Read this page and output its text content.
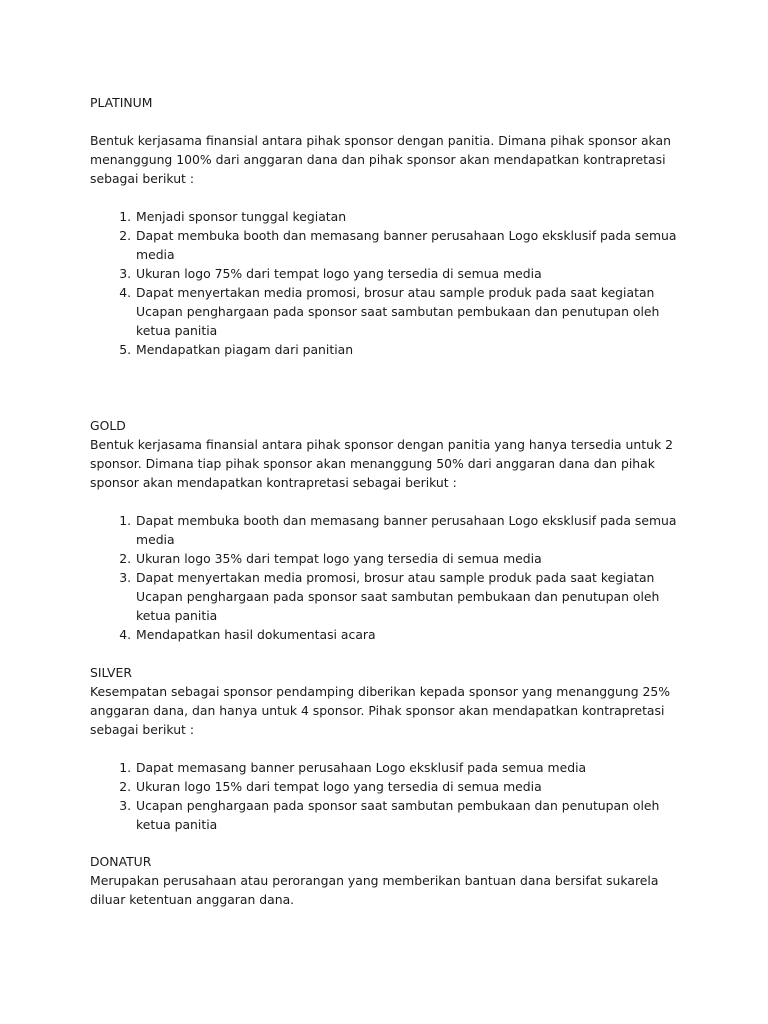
PLATINUM

Bentuk kerjasama finansial antara pihak sponsor dengan panitia. Dimana pihak sponsor akan menanggung 100% dari anggaran dana dan pihak sponsor akan mendapatkan kontrapretasi sebagai berikut :

1. Menjadi sponsor tunggal kegiatan
2. Dapat membuka booth dan memasang banner perusahaan Logo eksklusif pada semua media
3. Ukuran logo 75% dari tempat logo yang tersedia di semua media
4. Dapat menyertakan media promosi, brosur atau sample produk pada saat kegiatan Ucapan penghargaan pada sponsor saat sambutan pembukaan dan penutupan oleh ketua panitia
5. Mendapatkan piagam dari panitian

GOLD

Bentuk kerjasama finansial antara pihak sponsor dengan panitia yang hanya tersedia untuk 2 sponsor. Dimana tiap pihak sponsor akan menanggung 50% dari anggaran dana dan pihak sponsor akan mendapatkan kontrapretasi sebagai berikut :

1. Dapat membuka booth dan memasang banner perusahaan Logo eksklusif pada semua media
2. Ukuran logo 35% dari tempat logo yang tersedia di semua media
3. Dapat menyertakan media promosi, brosur atau sample produk pada saat kegiatan Ucapan penghargaan pada sponsor saat sambutan pembukaan dan penutupan oleh ketua panitia
4. Mendapatkan hasil dokumentasi acara

SILVER

Kesempatan sebagai sponsor pendamping diberikan kepada sponsor yang menanggung 25% anggaran dana, dan hanya untuk 4 sponsor. Pihak sponsor akan mendapatkan kontrapretasi sebagai berikut :

1. Dapat memasang banner perusahaan Logo eksklusif pada semua media
2. Ukuran logo 15% dari tempat logo yang tersedia di semua media
3. Ucapan penghargaan pada sponsor saat sambutan pembukaan dan penutupan oleh ketua panitia

DONATUR

Merupakan perusahaan atau perorangan yang memberikan bantuan dana bersifat sukarela diluar ketentuan anggaran dana.
